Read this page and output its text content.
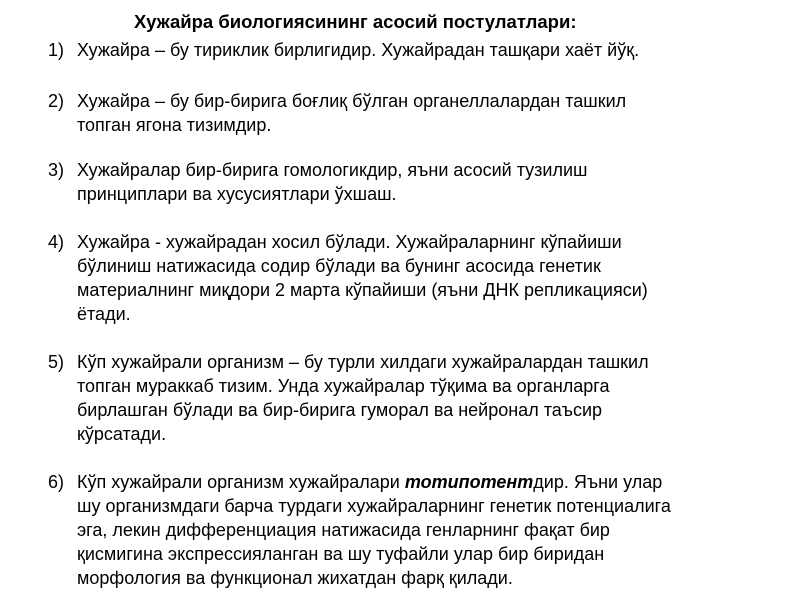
Хужайра биологиясининг асосий постулатлари:
1) Хужайра – бу тириклик бирлигидир. Хужайрадан ташқари хаёт йўқ.
2) Хужайра – бу бир-бирига боғлиқ бўлган органеллалардан ташкил
топган ягона тизимдир.
3) Хужайралар бир-бирига гомологикдир, яъни асосий тузилиш
принциплари ва хусусиятлари ўхшаш.
4) Хужайра - хужайрадан хосил бўлади. Хужайраларнинг кўпайиши
бўлиниш натижасида содир бўлади ва бунинг асосида генетик
материалнинг миқдори 2 марта кўпайиши (яъни ДНК репликацияси)
ётади.
5) Кўп хужайрали организм – бу турли хилдаги хужайралардан ташкил
топган мураккаб тизим. Унда хужайралар тўқима ва органларга
бирлашган бўлади ва бир-бирига гуморал ва нейронал таъсир
кўрсатади.
6) Кўп хужайрали организм хужайралари тотипотентдир. Яъни улар
шу организмдаги барча турдаги хужайраларнинг генетик потенциалига
эга, лекин дифференциация натижасида генларнинг фақат бир
қисмигина экспрессияланган ва шу туфайли улар бир биридан
морфология ва функционал жихатдан фарқ қилади.
